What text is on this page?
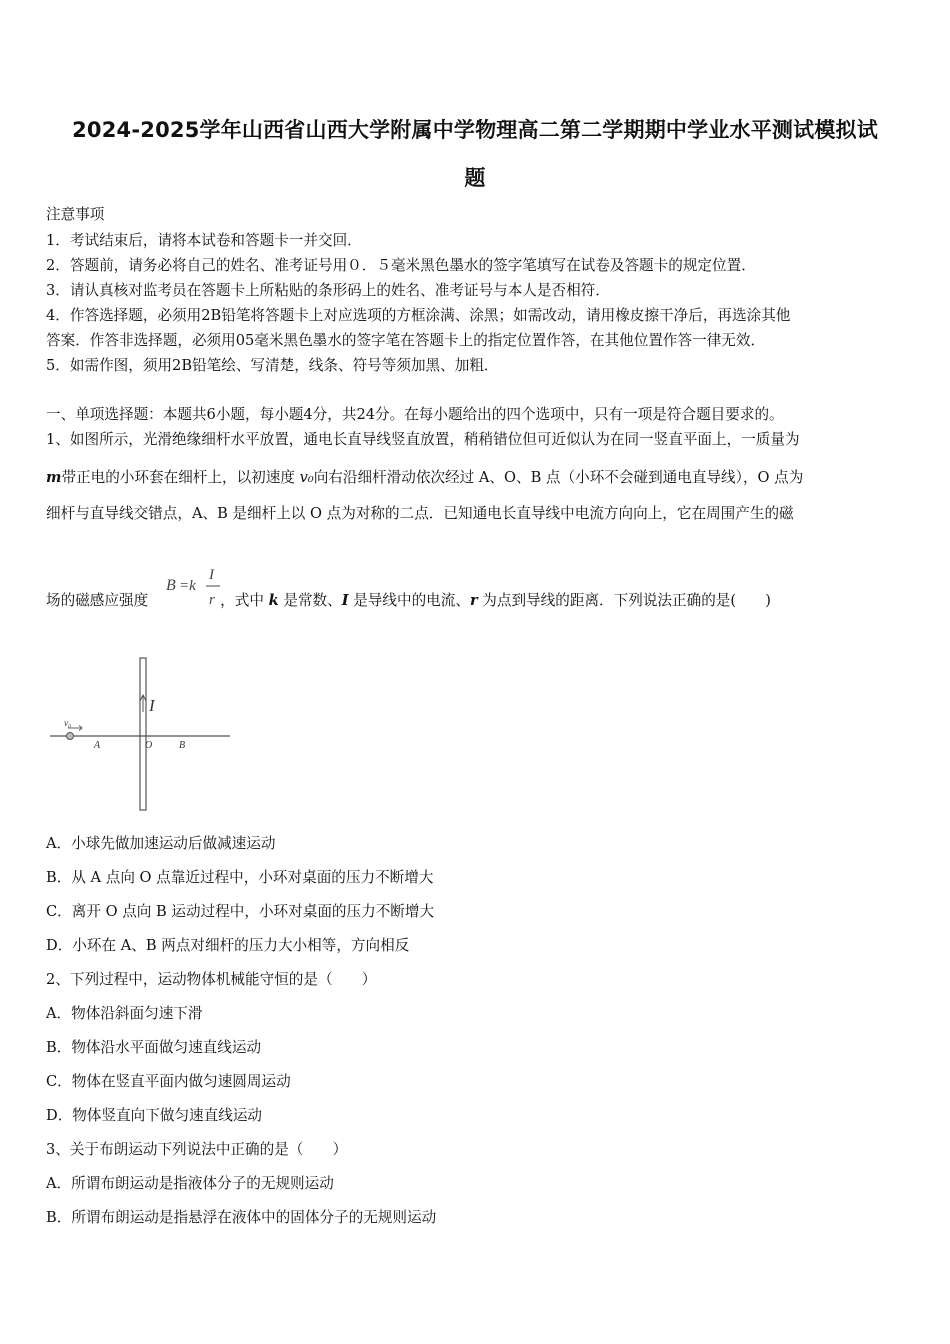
2024-2025学年山西省山西大学附属中学物理高二第二学期期中学业水平测试模拟试
题
注意事项
1．考试结束后，请将本试卷和答题卡一并交回．
2．答题前，请务必将自己的姓名、准考证号用０．５毫米黑色墨水的签字笔填写在试卷及答题卡的规定位置．
3．请认真核对监考员在答题卡上所粘贴的条形码上的姓名、准考证号与本人是否相符．
4．作答选择题，必须用2B铅笔将答题卡上对应选项的方框涂满、涂黑；如需改动，请用橡皮擦干净后，再选涂其他
答案．作答非选择题，必须用05毫米黑色墨水的签字笔在答题卡上的指定位置作答，在其他位置作答一律无效．
5．如需作图，须用2B铅笔绘、写清楚，线条、符号等须加黑、加粗．
一、单项选择题：本题共6小题，每小题4分，共24分。在每小题给出的四个选项中，只有一项是符合题目要求的。
1、如图所示，光滑绝缘细杆水平放置，通电长直导线竖直放置，稍稍错位但可近似认为在同一竖直平面上，一质量为
m带正电的小环套在细杆上，以初速度 v₀向右沿细杆滑动依次经过 A、O、B 点（小环不会碰到通电直导线），O 点为
细杆与直导线交错点，A、B 是细杆上以 O 点为对称的二点．已知通电长直导线中电流方向向上，它在周围产生的磁
场的磁感应强度	，式中 k 是常数、I 是导线中的电流、r 为点到导线的距离．下列说法正确的是(　　)
B =k
I
r
v₀
I
A	O	B
A．小球先做加速运动后做减速运动
B．从 A 点向 O 点靠近过程中，小环对桌面的压力不断增大
C．离开 O 点向 B 运动过程中，小环对桌面的压力不断增大
D．小环在 A、B 两点对细杆的压力大小相等，方向相反
2、下列过程中，运动物体机械能守恒的是（　　）
A．物体沿斜面匀速下滑
B．物体沿水平面做匀速直线运动
C．物体在竖直平面内做匀速圆周运动
D．物体竖直向下做匀速直线运动
3、关于布朗运动下列说法中正确的是（　　）
A．所谓布朗运动是指液体分子的无规则运动
B．所谓布朗运动是指悬浮在液体中的固体分子的无规则运动
